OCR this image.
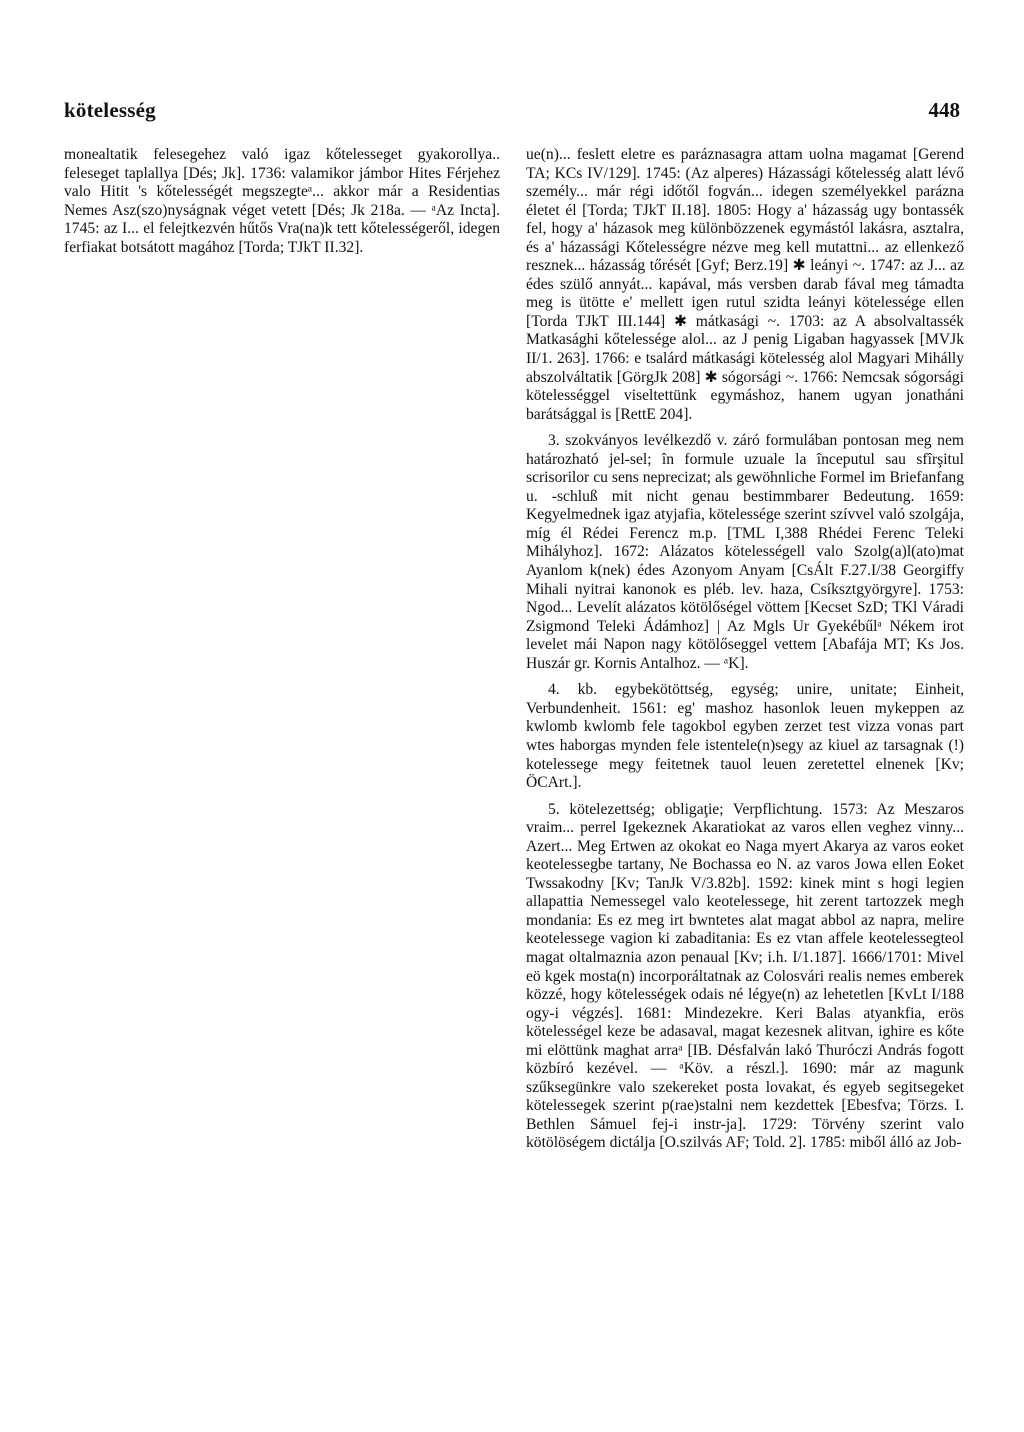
kötelesség	448

monealtatik felesegehez való igaz kőtelesseget gyakorollya.. feleseget taplallya [Dés; Jk]. 1736: valamikor jámbor Hites Férjehez valo Hitit 's kőtelességét megszegteᵃ... akkor már a Residentias Nemes Asz(szo)nyságnak véget vetett [Dés; Jk 218a. — ᵃAz Incta]. 1745: az I... el felejtkezvén hűtős Vra(na)k tett kőtelességeről, idegen ferfiakat botsátott magához [Torda; TJkT II.32].

ue(n)... feslett eletre es paráznasagra attam uolna magamat [Gerend TA; KCs IV/129]. 1745: (Az alperes) Házassági kőtelesség alatt lévő személy... már régi időtől fogván... idegen személyekkel parázna életet él [Torda; TJkT II.18]. 1805: Hogy a' házasság ugy bontassék fel, hogy a' házasok meg különbözzenek egymástól lakásra, asztalra, és a' házassági Kőtelességre nézve meg kell mutattni... az ellenkező resznek... házasság tőrését [Gyf; Berz.19] ✱ leányi ~. 1747: az J... az édes szülő annyát... kapával, más versben darab fával meg támadta meg is ütötte e' mellett igen rutul szidta leányi kötelessége ellen [Torda TJkT III.144] ✱ mátkasági ~. 1703: az A absolvaltassék Matkasághi kőtelessége alol... az J penig Ligaban hagyassek [MVJk II/1. 263]. 1766: e tsalárd mátkasági kötelesség alol Magyari Mihálly abszolváltatik [GörgJk 208] ✱ sógorsági ~. 1766: Nemcsak sógorsági kötelességgel viseltettünk egymáshoz, hanem ugyan jonatháni barátsággal is [RettE 204].

3. szokványos levélkezdő v. záró formulában pontosan meg nem határozható jel-sel; în formule uzuale la începutul sau sfîrşitul scrisorilor cu sens neprecizat; als gewöhnliche Formel im Briefanfang u. -schluß mit nicht genau bestimmbarer Bedeutung. 1659: Kegyelmednek igaz atyjafia, kötelessége szerint szívvel való szolgája, míg él Rédei Ferencz m.p. [TML I,388 Rhédei Ferenc Teleki Mihályhoz]. 1672: Alázatos kötelességell valo Szolg(a)l(ato)mat Ayanlom k(nek) édes Azonyom Anyam [CsÁlt F.27.I/38 Georgiffy Mihali nyitrai kanonok es pléb. lev. haza, Csíksztgyörgyre]. 1753: Ngod... Levelít alázatos kötölőségel vöttem [Kecset SzD; TKl Váradi Zsigmond Teleki Ádámhoz] | Az Mgls Ur Gyekébűlᵃ Nékem irot levelet mái Napon nagy kötölőseggel vettem [Abafája MT; Ks Jos. Huszár gr. Kornis Antalhoz. — ᵃK].

4. kb. egybekötöttség, egység; unire, unitate; Einheit, Verbundenheit. 1561: eg' mashoz hasonlok leuen mykeppen az kwlomb kwlomb fele tagokbol egyben zerzet test vizza vonas part wtes haborgas mynden fele istentele(n)segy az kiuel az tarsagnak (!) kotelessege megy feitetnek tauol leuen zeretettel elnenek [Kv; ÖCArt.].

5. kötelezettség; obligaţie; Verpflichtung. 1573: Az Meszaros vraim... perrel Igekeznek Akaratiokat az varos ellen veghez vinny... Azert... Meg Ertwen az okokat eo Naga myert Akarya az varos eoket keotelessegbe tartany, Ne Bochassa eo N. az varos Jowa ellen Eoket Twssakodny [Kv; TanJk V/3.82b]. 1592: kinek mint s hogi legien allapattia Nemessegel valo keotelessege, hit zerent tartozzek megh mondania: Es ez meg irt bwntetes alat magat abbol az napra, melire keotelessege vagion ki zabaditania: Es ez vtan affele keotelessegteol magat oltalmaznia azon penaual [Kv; i.h. I/1.187]. 1666/1701: Mivel eö kgek mosta(n) incorporáltatnak az Colosvári realis nemes emberek közzé, hogy kötelességek odais né légye(n) az lehetetlen [KvLt I/188 ogy-i végzés]. 1681: Mindezekre. Keri Balas atyankfia, erös kötelességel keze be adasaval, magat kezesnek alitvan, ighire es kőte mi elöttünk maghat arraᵃ [IB. Désfalván lakó Thuróczi András fogott közbíró kezével. — ᵃKöv. a részl.]. 1690: már az magunk szűksegünkre valo szekereket posta lovakat, és egyeb segitsegeket kötelessegek szerint p(rae)stalni nem kezdettek [Ebesfva; Törzs. I. Bethlen Sámuel fej-i instr-ja]. 1729: Törvény szerint valo kötölöségem dictálja [O.szilvás AF; Told. 2]. 1785: miből álló az Job-
